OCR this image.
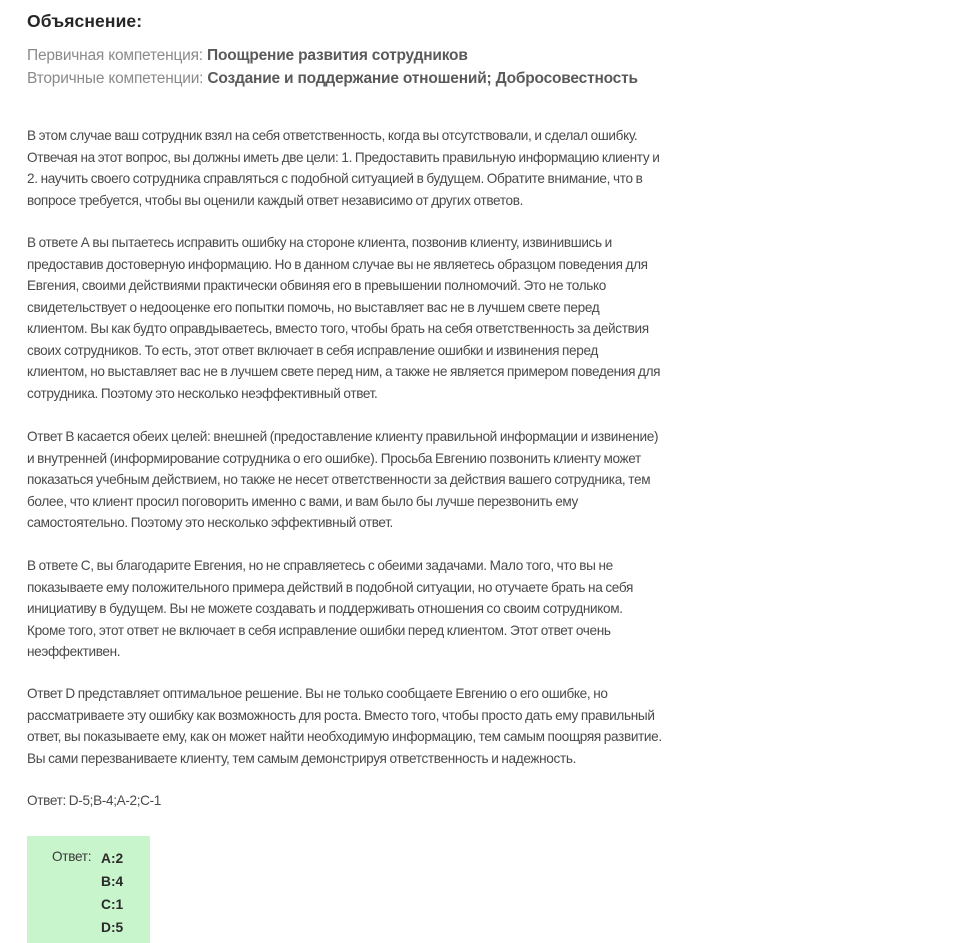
Объяснение:
Первичная компетенция: Поощрение развития сотрудников
Вторичные компетенции: Создание и поддержание отношений; Добросовестность
В этом случае ваш сотрудник взял на себя ответственность, когда вы отсутствовали, и сделал ошибку.
Отвечая на этот вопрос, вы должны иметь две цели: 1. Предоставить правильную информацию клиенту и
2. научить своего сотрудника справляться с подобной ситуацией в будущем. Обратите внимание, что в
вопросе требуется, чтобы вы оценили каждый ответ независимо от других ответов.
В ответе А вы пытаетесь исправить ошибку на стороне клиента, позвонив клиенту, извинившись и
предоставив достоверную информацию. Но в данном случае вы не являетесь образцом поведения для
Евгения, своими действиями практически обвиняя его в превышении полномочий. Это не только
свидетельствует о недооценке его попытки помочь, но выставляет вас не в лучшем свете перед
клиентом. Вы как будто оправдываетесь, вместо того, чтобы брать на себя ответственность за действия
своих сотрудников. То есть, этот ответ включает в себя исправление ошибки и извинения перед
клиентом, но выставляет вас не в лучшем свете перед ним, а также не является примером поведения для
сотрудника. Поэтому это несколько неэффективный ответ.
Ответ B касается обеих целей: внешней (предоставление клиенту правильной информации и извинение)
и внутренней (информирование сотрудника о его ошибке). Просьба Евгению позвонить клиенту может
показаться учебным действием, но также не несет ответственности за действия вашего сотрудника, тем
более, что клиент просил поговорить именно с вами, и вам было бы лучше перезвонить ему
самостоятельно. Поэтому это несколько эффективный ответ.
В ответе C, вы благодарите Евгения, но не справляетесь с обеими задачами. Мало того, что вы не
показываете ему положительного примера действий в подобной ситуации, но отучаете брать на себя
инициативу в будущем. Вы не можете создавать и поддерживать отношения со своим сотрудником.
Кроме того, этот ответ не включает в себя исправление ошибки перед клиентом. Этот ответ очень
неэффективен.
Ответ D представляет оптимальное решение. Вы не только сообщаете Евгению о его ошибке, но
рассматриваете эту ошибку как возможность для роста. Вместо того, чтобы просто дать ему правильный
ответ, вы показываете ему, как он может найти необходимую информацию, тем самым поощряя развитие.
Вы сами перезваниваете клиенту, тем самым демонстрируя ответственность и надежность.
Ответ: D-5;B-4;A-2;C-1
Ответ: A:2
B:4
C:1
D:5
